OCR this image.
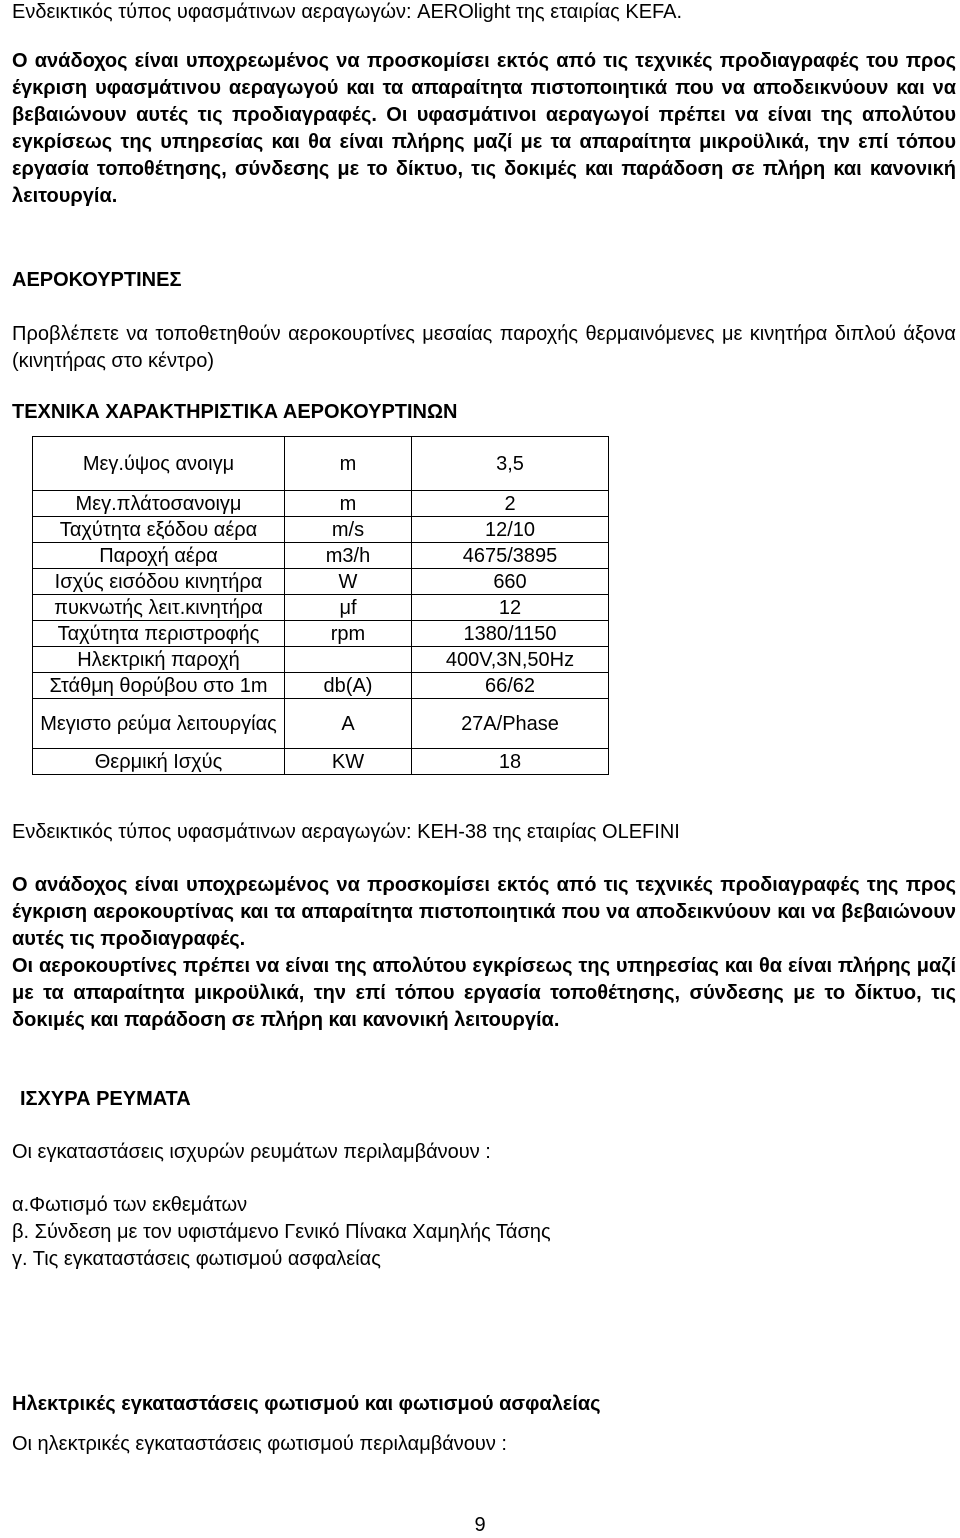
Ενδεικτικός τύπος υφασμάτινων αεραγωγών: AEROlight της εταιρίας KEFA.

Ο ανάδοχος είναι υποχρεωμένος να προσκομίσει εκτός από τις τεχνικές προδιαγραφές του προς έγκριση υφασμάτινου αεραγωγού και τα απαραίτητα πιστοποιητικά που να αποδεικνύουν και να βεβαιώνουν αυτές τις προδιαγραφές. Οι υφασμάτινοι αεραγωγοί πρέπει να είναι της απολύτου εγκρίσεως της υπηρεσίας και θα είναι πλήρης μαζί με τα απαραίτητα μικροϋλικά, την επί τόπου εργασία τοποθέτησης, σύνδεσης με το δίκτυο, τις δοκιμές και παράδοση σε πλήρη και κανονική λειτουργία.

ΑΕΡΟΚΟΥΡΤΙΝΕΣ

Προβλέπετε να τοποθετηθούν αεροκουρτίνες μεσαίας παροχής θερμαινόμενες με κινητήρα διπλού άξονα (κινητήρας στο κέντρο)

ΤΕΧΝΙΚΑ ΧΑΡΑΚΤΗΡΙΣΤΙΚΑ ΑΕΡΟΚΟΥΡΤΙΝΩΝ

Μεγ.ύψος ανοιγμ	m	3,5
Μεγ.πλάτοσανοιγμ	m	2
Ταχύτητα εξόδου αέρα	m/s	12/10
Παροχή αέρα	m3/h	4675/3895
Ισχύς εισόδου κινητήρα	W	660
πυκνωτής λειτ.κινητήρα	μf	12
Ταχύτητα περιστροφής	rpm	1380/1150
Ηλεκτρική παροχή		400V,3N,50Hz
Στάθμη θορύβου στο 1m	db(A)	66/62
Μεγιστο ρεύμα λειτουργίας	A	27A/Phase
Θερμική Ισχύς	KW	18

Ενδεικτικός τύπος υφασμάτινων αεραγωγών: ΚΕΗ-38 της εταιρίας OLEFINI

Ο ανάδοχος είναι υποχρεωμένος να προσκομίσει εκτός από τις τεχνικές προδιαγραφές της προς έγκριση αεροκουρτίνας και τα απαραίτητα πιστοποιητικά που να αποδεικνύουν και να βεβαιώνουν αυτές τις προδιαγραφές.

Οι αεροκουρτίνες πρέπει να είναι της απολύτου εγκρίσεως της υπηρεσίας και θα είναι πλήρης μαζί με τα απαραίτητα μικροϋλικά, την επί τόπου εργασία τοποθέτησης, σύνδεσης με το δίκτυο, τις δοκιμές και παράδοση σε πλήρη και κανονική λειτουργία.

ΙΣΧΥΡΑ ΡΕΥΜΑΤΑ

Οι εγκαταστάσεις ισχυρών ρευμάτων περιλαμβάνουν :

α.Φωτισμό των εκθεμάτων

β. Σύνδεση με τον υφιστάμενο Γενικό Πίνακα Χαμηλής Τάσης

γ. Τις εγκαταστάσεις φωτισμού ασφαλείας

Ηλεκτρικές εγκαταστάσεις φωτισμού και φωτισμού ασφαλείας

Οι ηλεκτρικές εγκαταστάσεις φωτισμού περιλαμβάνουν :

9
